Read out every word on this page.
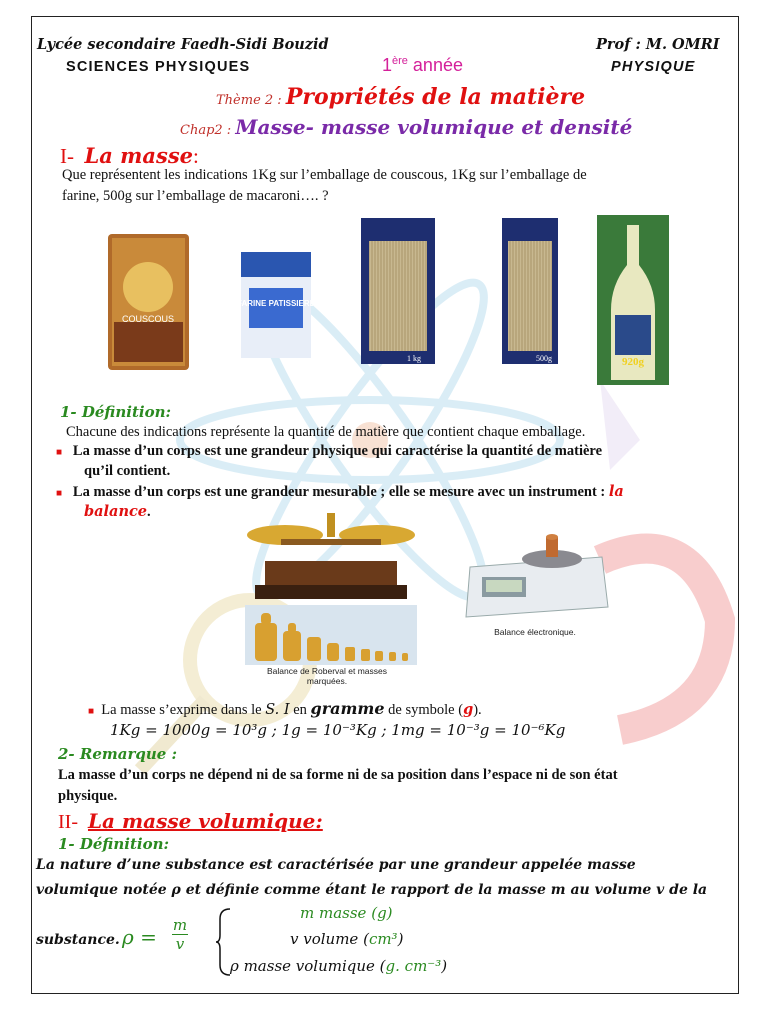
Lycée secondaire Faedh-Sidi Bouzid	Prof : M. OMRI
SCIENCES PHYSIQUES	1ère année	PHYSIQUE
Thème 2 : Propriétés de la matière
Chap2 : Masse- masse volumique et densité
I- La masse:
Que représentent les indications 1Kg sur l’emballage de couscous, 1Kg sur l’emballage de
farine, 500g sur l’emballage de macaroni…. ?
COUSCOUS
FARINE PATISSIERE
1 kg	500g	920g
1- Définition:
Chacune des indications représente la quantité de matière que contient chaque emballage.
■ La masse d’un corps est une grandeur physique qui caractérise la quantité de matière
qu’il contient.
■ La masse d’un corps est une grandeur mesurable ; elle se mesure avec un instrument : la
balance.
Balance de Roberval et masses marquées.
Balance électronique.
■ La masse s’exprime dans le S. I en gramme de symbole (g).
1Kg = 1000g = 10³g ; 1g = 10⁻³Kg ; 1mg = 10⁻³g = 10⁻⁶Kg
2- Remarque :
La masse d’un corps ne dépend ni de sa forme ni de sa position dans l’espace ni de son état
physique.
II- La masse volumique:
1- Définition:
La nature d’une substance est caractérisée par une grandeur appelée masse
volumique notée ρ et définie comme étant le rapport de la masse m au volume v de la
substance. $\rho = \frac{m}{v}$
m masse (g)
v volume (cm³)
ρ masse volumique (g. cm⁻³)
